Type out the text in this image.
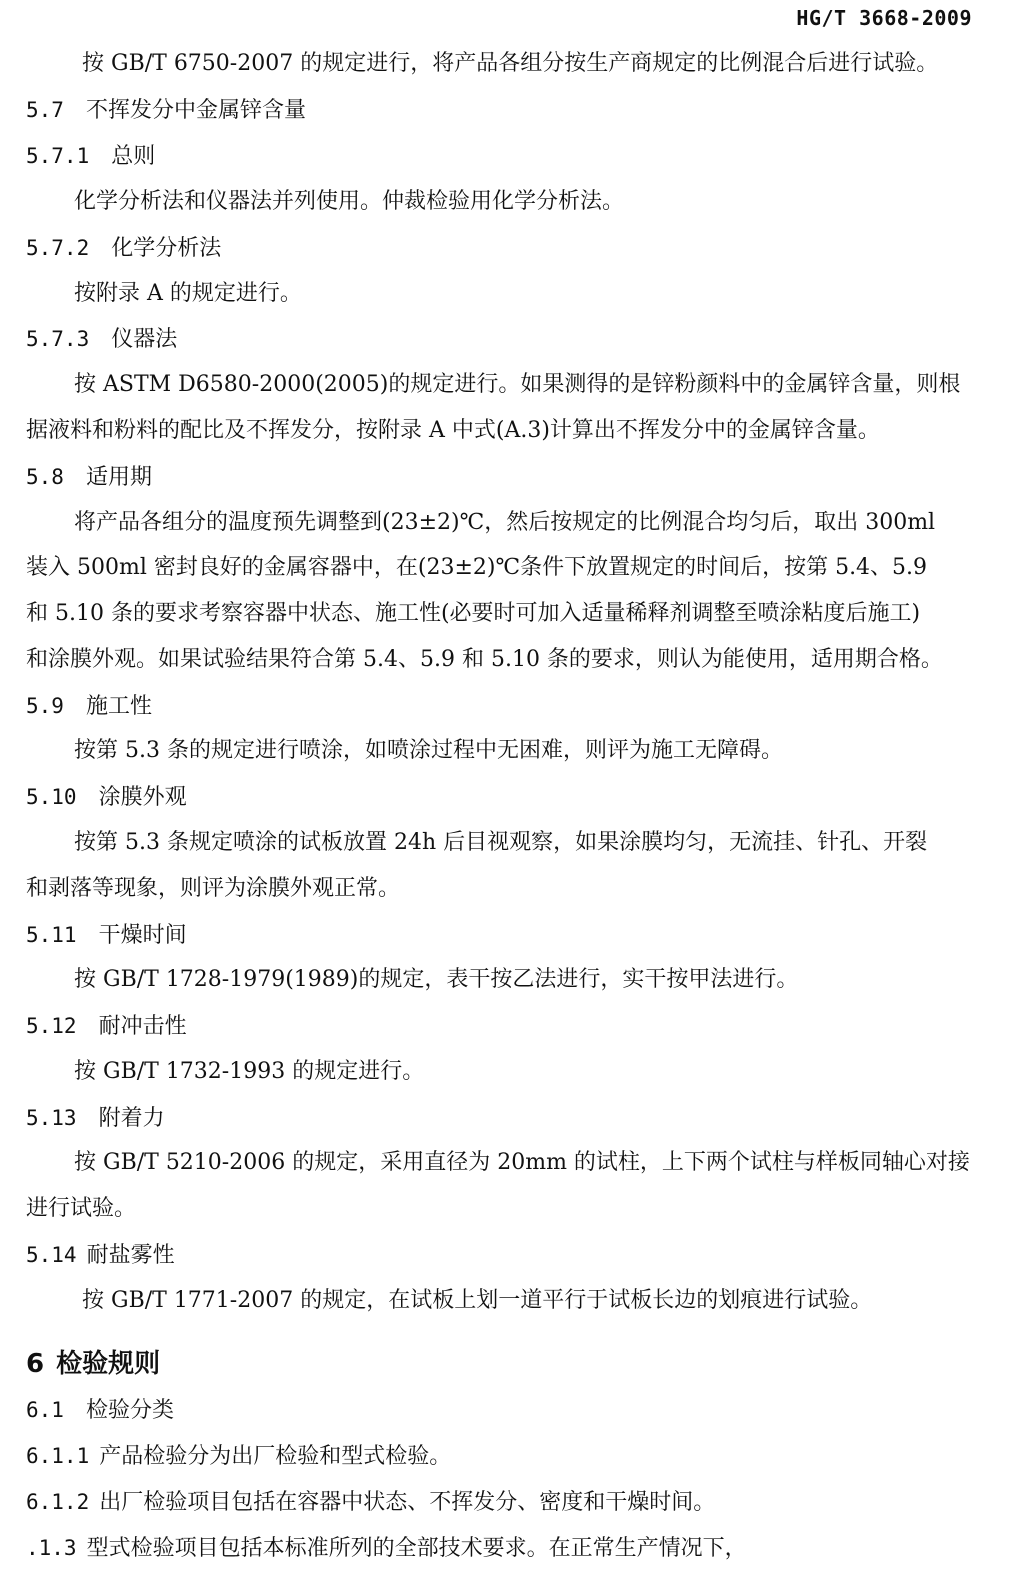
HG/T 3668-2009
按 GB/T 6750-2007 的规定进行，将产品各组分按生产商规定的比例混合后进行试验。
5.7 不挥发分中金属锌含量
5.7.1 总则
化学分析法和仪器法并列使用。仲裁检验用化学分析法。
5.7.2 化学分析法
按附录 A 的规定进行。
5.7.3 仪器法
按 ASTM D6580-2000(2005)的规定进行。如果测得的是锌粉颜料中的金属锌含量，则根
据液料和粉料的配比及不挥发分，按附录 A 中式(A.3)计算出不挥发分中的金属锌含量。
5.8 适用期
将产品各组分的温度预先调整到(23±2)℃，然后按规定的比例混合均匀后，取出 300ml
装入 500ml 密封良好的金属容器中，在(23±2)℃条件下放置规定的时间后，按第 5.4、5.9
和 5.10 条的要求考察容器中状态、施工性(必要时可加入适量稀释剂调整至喷涂粘度后施工)
和涂膜外观。如果试验结果符合第 5.4、5.9 和 5.10 条的要求，则认为能使用，适用期合格。
5.9 施工性
按第 5.3 条的规定进行喷涂，如喷涂过程中无困难，则评为施工无障碍。
5.10 涂膜外观
按第 5.3 条规定喷涂的试板放置 24h 后目视观察，如果涂膜均匀，无流挂、针孔、开裂
和剥落等现象，则评为涂膜外观正常。
5.11 干燥时间
按 GB/T 1728-1979(1989)的规定，表干按乙法进行，实干按甲法进行。
5.12 耐冲击性
按 GB/T 1732-1993 的规定进行。
5.13 附着力
按 GB/T 5210-2006 的规定，采用直径为 20mm 的试柱，上下两个试柱与样板同轴心对接
进行试验。
5.14 耐盐雾性
按 GB/T 1771-2007 的规定，在试板上划一道平行于试板长边的划痕进行试验。
6 检验规则
6.1 检验分类
6.1.1 产品检验分为出厂检验和型式检验。
6.1.2 出厂检验项目包括在容器中状态、不挥发分、密度和干燥时间。
.1.3 型式检验项目包括本标准所列的全部技术要求。在正常生产情况下，
